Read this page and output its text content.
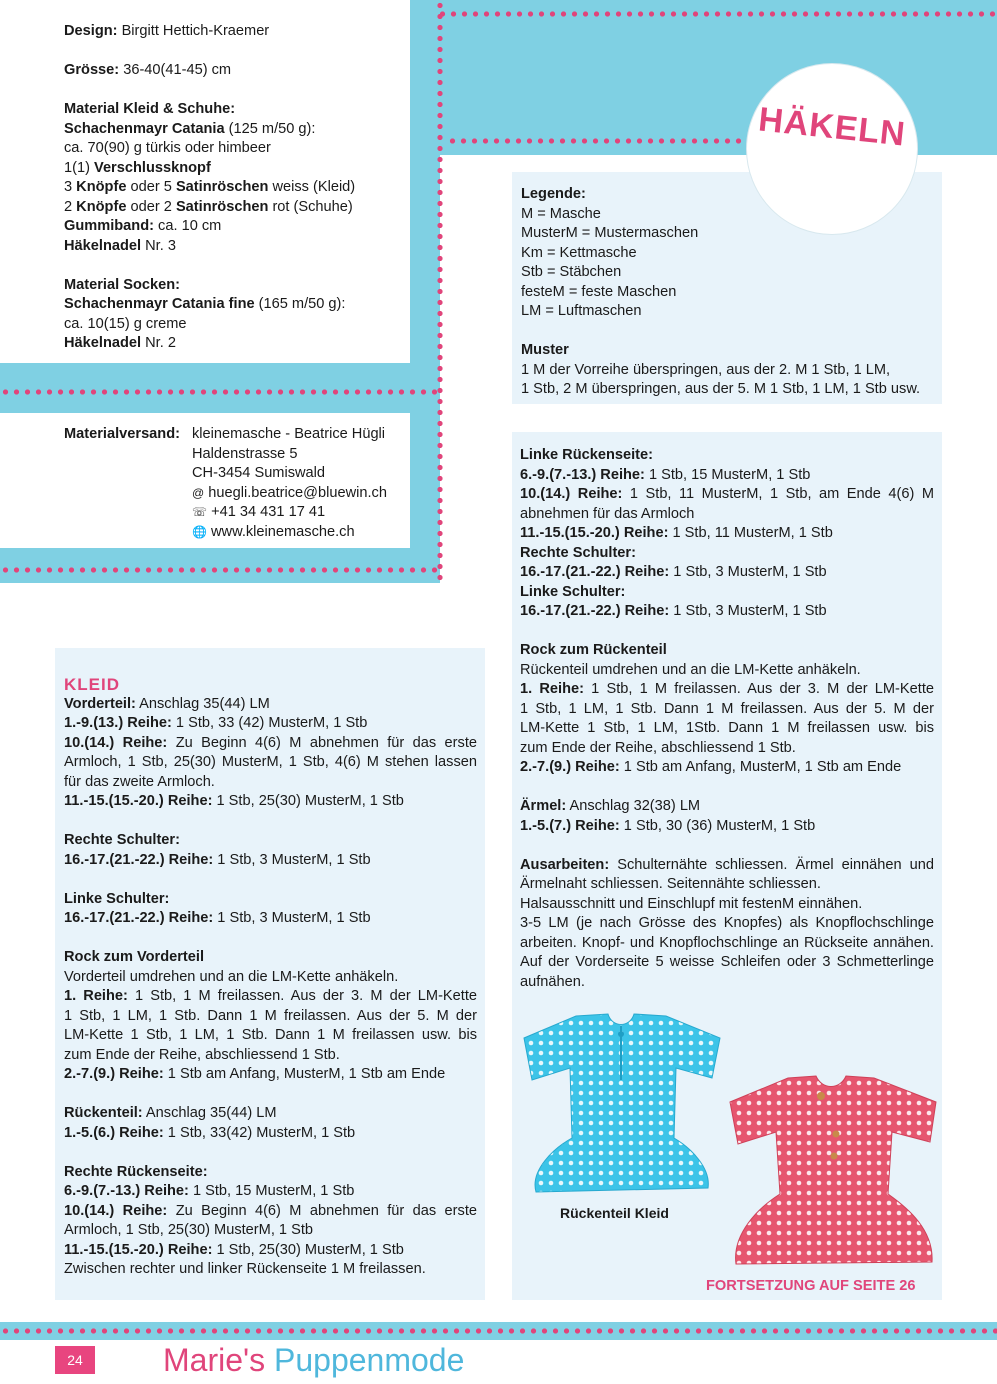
Design: Birgitt Hettich-Kraemer
Grösse: 36-40(41-45) cm
Material Kleid & Schuhe:
Schachenmayr Catania (125 m/50 g):
ca. 70(90) g türkis oder himbeer
1(1) Verschlussknopf
3 Knöpfe oder 5 Satinröschen weiss (Kleid)
2 Knöpfe oder 2 Satinröschen rot (Schuhe)
Gummiband: ca. 10 cm
Häkelnadel Nr. 3
Material Socken:
Schachenmayr Catania fine (165 m/50 g):
ca. 10(15) g creme
Häkelnadel Nr. 2
Materialversand: kleinemasche - Beatrice Hügli
Haldenstrasse 5
CH-3454 Sumiswald
@ huegli.beatrice@bluewin.ch
☏ +41 34 431 17 41
🌐 www.kleinemasche.ch
Legende:
M = Masche
MusterM = Mustermaschen
Km = Kettmasche
Stb = Stäbchen
festeM = feste Maschen
LM = Luftmaschen
Muster
1 M der Vorreihe überspringen, aus der 2. M 1 Stb, 1 LM,
1 Stb, 2 M überspringen, aus der 5. M 1 Stb, 1 LM, 1 Stb usw.
HÄKELN
KLEID
Vorderteil: Anschlag 35(44) LM
1.-9.(13.) Reihe: 1 Stb, 33 (42) MusterM, 1 Stb
10.(14.) Reihe: Zu Beginn 4(6) M abnehmen für das erste
Armloch, 1 Stb, 25(30) MusterM, 1 Stb, 4(6) M stehen lassen
für das zweite Armloch.
11.-15.(15.-20.) Reihe: 1 Stb, 25(30) MusterM, 1 Stb
Rechte Schulter:
16.-17.(21.-22.) Reihe: 1 Stb, 3 MusterM, 1 Stb
Linke Schulter:
16.-17.(21.-22.) Reihe: 1 Stb, 3 MusterM, 1 Stb
Rock zum Vorderteil
Vorderteil umdrehen und an die LM-Kette anhäkeln.
1. Reihe: 1 Stb, 1 M freilassen. Aus der 3. M der LM-Kette
1 Stb, 1 LM, 1 Stb. Dann 1 M freilassen. Aus der 5. M der
LM-Kette 1 Stb, 1 LM, 1 Stb. Dann 1 M freilassen usw. bis
zum Ende der Reihe, abschliessend 1 Stb.
2.-7.(9.) Reihe: 1 Stb am Anfang, MusterM, 1 Stb am Ende
Rückenteil: Anschlag 35(44) LM
1.-5.(6.) Reihe: 1 Stb, 33(42) MusterM, 1 Stb
Rechte Rückenseite:
6.-9.(7.-13.) Reihe: 1 Stb, 15 MusterM, 1 Stb
10.(14.) Reihe: Zu Beginn 4(6) M abnehmen für das erste
Armloch, 1 Stb, 25(30) MusterM, 1 Stb
11.-15.(15.-20.) Reihe: 1 Stb, 25(30) MusterM, 1 Stb
Zwischen rechter und linker Rückenseite 1 M freilassen.
Linke Rückenseite:
6.-9.(7.-13.) Reihe: 1 Stb, 15 MusterM, 1 Stb
10.(14.) Reihe: 1 Stb, 11 MusterM, 1 Stb, am Ende 4(6) M
abnehmen für das Armloch
11.-15.(15.-20.) Reihe: 1 Stb, 11 MusterM, 1 Stb
Rechte Schulter:
16.-17.(21.-22.) Reihe: 1 Stb, 3 MusterM, 1 Stb
Linke Schulter:
16.-17.(21.-22.) Reihe: 1 Stb, 3 MusterM, 1 Stb
Rock zum Rückenteil
Rückenteil umdrehen und an die LM-Kette anhäkeln.
1. Reihe: 1 Stb, 1 M freilassen. Aus der 3. M der LM-Kette
1 Stb, 1 LM, 1 Stb. Dann 1 M freilassen. Aus der 5. M der
LM-Kette 1 Stb, 1 LM, 1Stb. Dann 1 M freilassen usw. bis
zum Ende der Reihe, abschliessend 1 Stb.
2.-7.(9.) Reihe: 1 Stb am Anfang, MusterM, 1 Stb am Ende
Ärmel: Anschlag 32(38) LM
1.-5.(7.) Reihe: 1 Stb, 30 (36) MusterM, 1 Stb
Ausarbeiten: Schulternähte schliessen. Ärmel einnähen und
Ärmelnaht schliessen. Seitennähte schliessen.
Halsausschnitt und Einschlupf mit festenM einnähen.
3-5 LM (je nach Grösse des Knopfes) als Knopflochschlinge
arbeiten. Knopf- und Knopflochschlinge an Rückseite annähen.
Auf der Vorderseite 5 weisse Schleifen oder 3 Schmetterlinge
aufnähen.
Rückenteil Kleid
FORTSETZUNG AUF SEITE 26
24	Marie's Puppenmode
